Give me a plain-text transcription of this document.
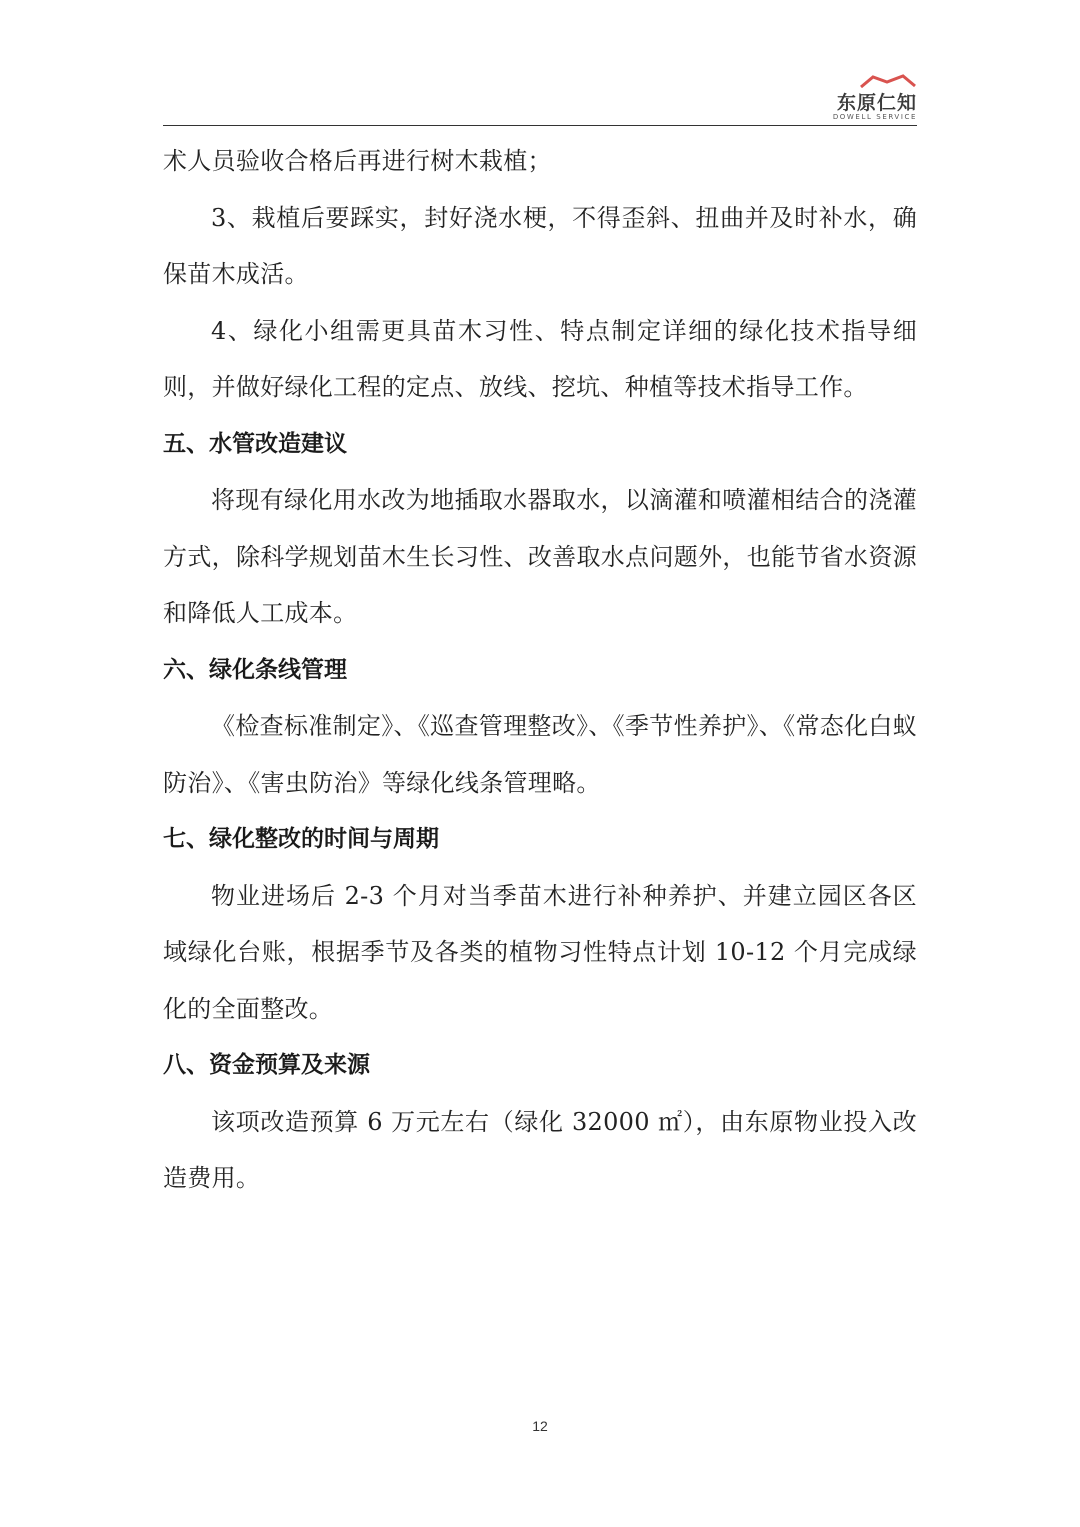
东原仁知
DOWELL SERVICE

术人员验收合格后再进行树木栽植；

3、栽植后要踩实，封好浇水梗，不得歪斜、扭曲并及时补水，确保苗木成活。

4、绿化小组需更具苗木习性、特点制定详细的绿化技术指导细则，并做好绿化工程的定点、放线、挖坑、种植等技术指导工作。

五、水管改造建议

将现有绿化用水改为地插取水器取水，以滴灌和喷灌相结合的浇灌方式，除科学规划苗木生长习性、改善取水点问题外，也能节省水资源和降低人工成本。

六、绿化条线管理

《检查标准制定》、《巡查管理整改》、《季节性养护》、《常态化白蚁防治》、《害虫防治》等绿化线条管理略。

七、绿化整改的时间与周期

物业进场后 2-3 个月对当季苗木进行补种养护、并建立园区各区域绿化台账，根据季节及各类的植物习性特点计划 10-12 个月完成绿化的全面整改。

八、资金预算及来源

该项改造预算 6 万元左右（绿化 32000 ㎡），由东原物业投入改造费用。

12
